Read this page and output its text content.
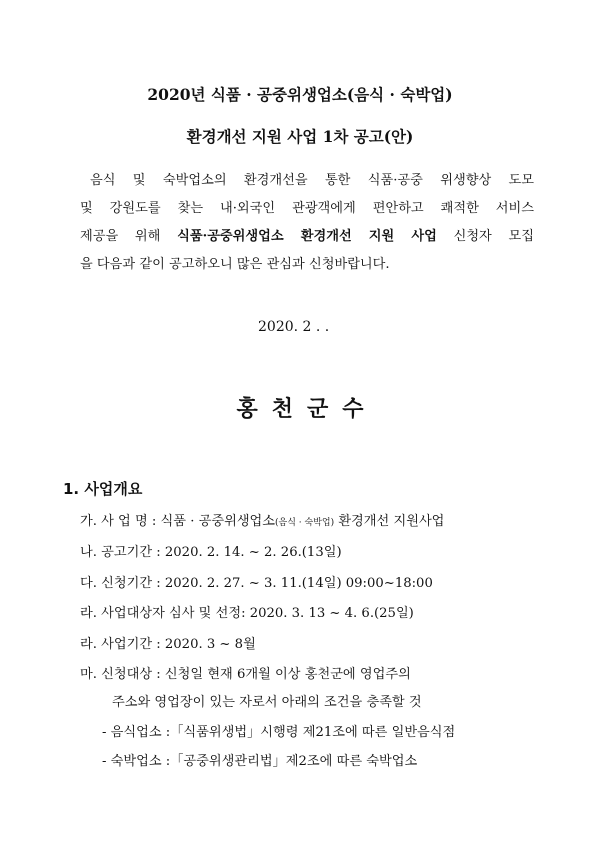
2020년 식품 · 공중위생업소(음식 · 숙박업)
환경개선 지원 사업 1차 공고(안)
음식 및 숙박업소의 환경개선을 통한 식품·공중 위생향상 도모
및 강원도를 찾는 내·외국인 관광객에게 편안하고 쾌적한 서비스
제공을 위해 식품·공중위생업소 환경개선 지원 사업 신청자 모집
을 다음과 같이 공고하오니 많은 관심과 신청바랍니다.
2020. 2 . .
홍천군수
1. 사업개요
가. 사 업 명 : 식품 · 공중위생업소(음식 · 숙박업) 환경개선 지원사업
나. 공고기간 : 2020. 2. 14. ~ 2. 26.(13일)
다. 신청기간 : 2020. 2. 27. ~ 3. 11.(14일) 09:00~18:00
라. 사업대상자 심사 및 선정: 2020. 3. 13 ~ 4. 6.(25일)
라. 사업기간 : 2020. 3 ~ 8월
마. 신청대상 : 신청일 현재 6개월 이상 홍천군에 영업주의
주소와 영업장이 있는 자로서 아래의 조건을 충족할 것
- 음식업소 :「식품위생법」시행령 제21조에 따른 일반음식점
- 숙박업소 :「공중위생관리법」제2조에 따른 숙박업소
